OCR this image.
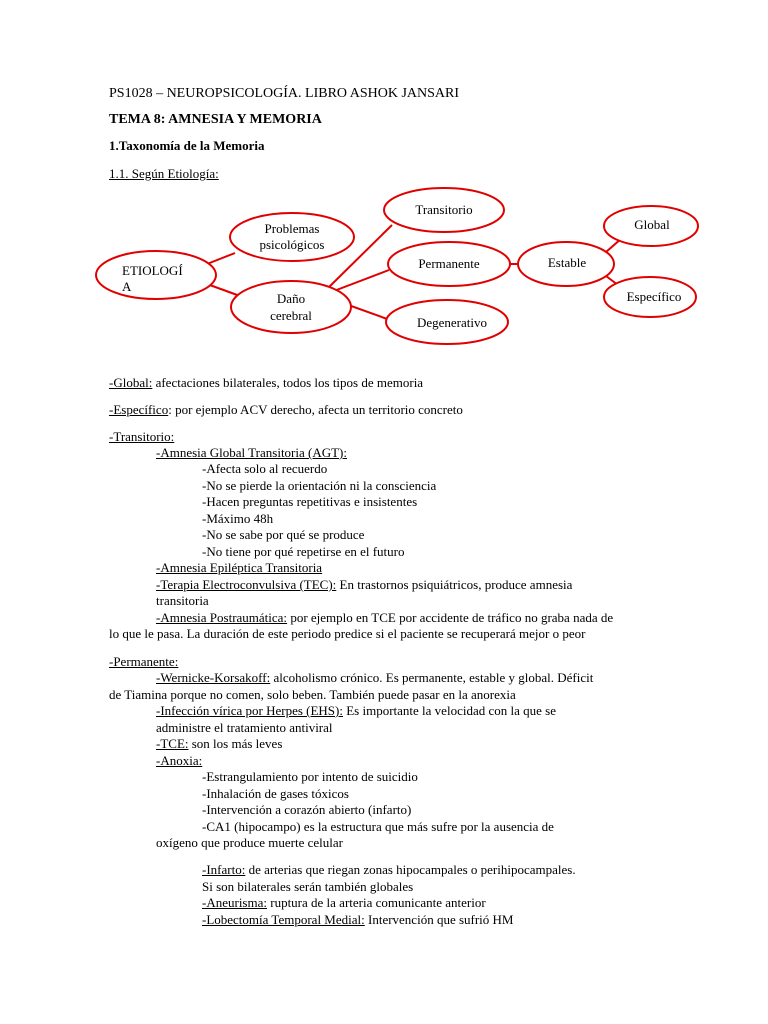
PS1028 – NEUROPSICOLOGÍA. LIBRO ASHOK JANSARI
TEMA 8: AMNESIA Y MEMORIA
1.Taxonomía de la Memoria
1.1. Según Etiología:
ETIOLOGÍ
A
Problemas
psicológicos
Daño
cerebral
Transitorio
Permanente
Degenerativo
Estable
Global
Específico
-Global: afectaciones bilaterales, todos los tipos de memoria
-Específico: por ejemplo ACV derecho, afecta un territorio concreto
-Transitorio:
-Amnesia Global Transitoria (AGT):
-Afecta solo al recuerdo
-No se pierde la orientación ni la consciencia
-Hacen preguntas repetitivas e insistentes
-Máximo 48h
-No se sabe por qué se produce
-No tiene por qué repetirse en el futuro
-Amnesia Epiléptica Transitoria
-Terapia Electroconvulsiva (TEC): En trastornos psiquiátricos, produce amnesia
transitoria
-Amnesia Postraumática: por ejemplo en TCE por accidente de tráfico no graba nada de
lo que le pasa. La duración de este periodo predice si el paciente se recuperará mejor o peor
-Permanente:
-Wernicke-Korsakoff: alcoholismo crónico. Es permanente, estable y global. Déficit
de Tiamina porque no comen, solo beben. También puede pasar en la anorexia
-Infección vírica por Herpes (EHS): Es importante la velocidad con la que se
administre el tratamiento antiviral
-TCE: son los más leves
-Anoxia:
-Estrangulamiento por intento de suicidio
-Inhalación de gases tóxicos
-Intervención a corazón abierto (infarto)
-CA1 (hipocampo) es la estructura que más sufre por la ausencia de
oxígeno que produce muerte celular
-Infarto: de arterias que riegan zonas hipocampales o perihipocampales.
Si son bilaterales serán también globales
-Aneurisma: ruptura de la arteria comunicante anterior
-Lobectomía Temporal Medial: Intervención que sufrió HM
